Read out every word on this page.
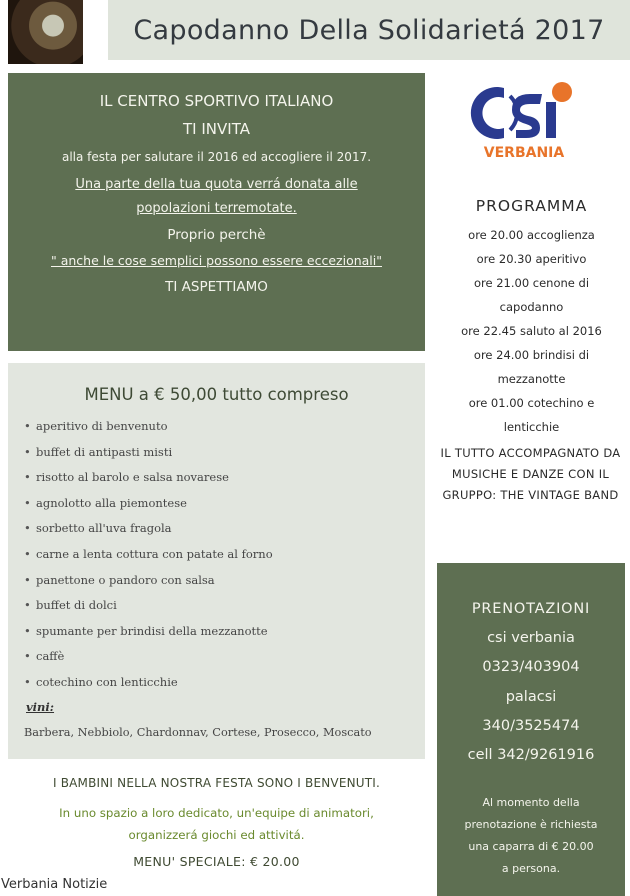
Capodanno Della Solidarietá 2017

IL CENTRO SPORTIVO ITALIANO

TI INVITA

alla festa per salutare il 2016 ed accogliere il 2017.

Una parte della tua quota verrá donata alle

popolazioni terremotate.

Proprio perchè

" anche le cose semplici possono essere eccezionali"

TI ASPETTIAMO

VERBANIA

PROGRAMMA

ore 20.00 accoglienza

ore 20.30 aperitivo

ore 21.00 cenone di

capodanno

ore 22.45 saluto al 2016

ore 24.00 brindisi di

mezzanotte

ore 01.00 cotechino e

lenticchie

IL TUTTO ACCOMPAGNATO DA

MUSICHE E DANZE CON IL

GRUPPO: THE VINTAGE BAND

MENU a € 50,00 tutto compreso

• aperitivo di benvenuto
• buffet di antipasti misti
• risotto al barolo e salsa novarese
• agnolotto alla piemontese
• sorbetto all'uva fragola
• carne a lenta cottura con patate al forno
• panettone o pandoro con salsa
• buffet di dolci
• spumante per brindisi della mezzanotte
• caffè
• cotechino con lenticchie

vini:

Barbera, Nebbiolo, Chardonnav, Cortese, Prosecco, Moscato

I BAMBINI NELLA NOSTRA FESTA SONO I BENVENUTI.

In uno spazio a loro dedicato, un'equipe di animatori,

organizzerá giochi ed attivitá.

MENU' SPECIALE: € 20.00

PRENOTAZIONI

csi verbania

0323/403904

palacsi

340/3525474

cell 342/9261916

Al momento della

prenotazione è richiesta

una caparra di € 20.00

a persona.

Verbania Notizie
